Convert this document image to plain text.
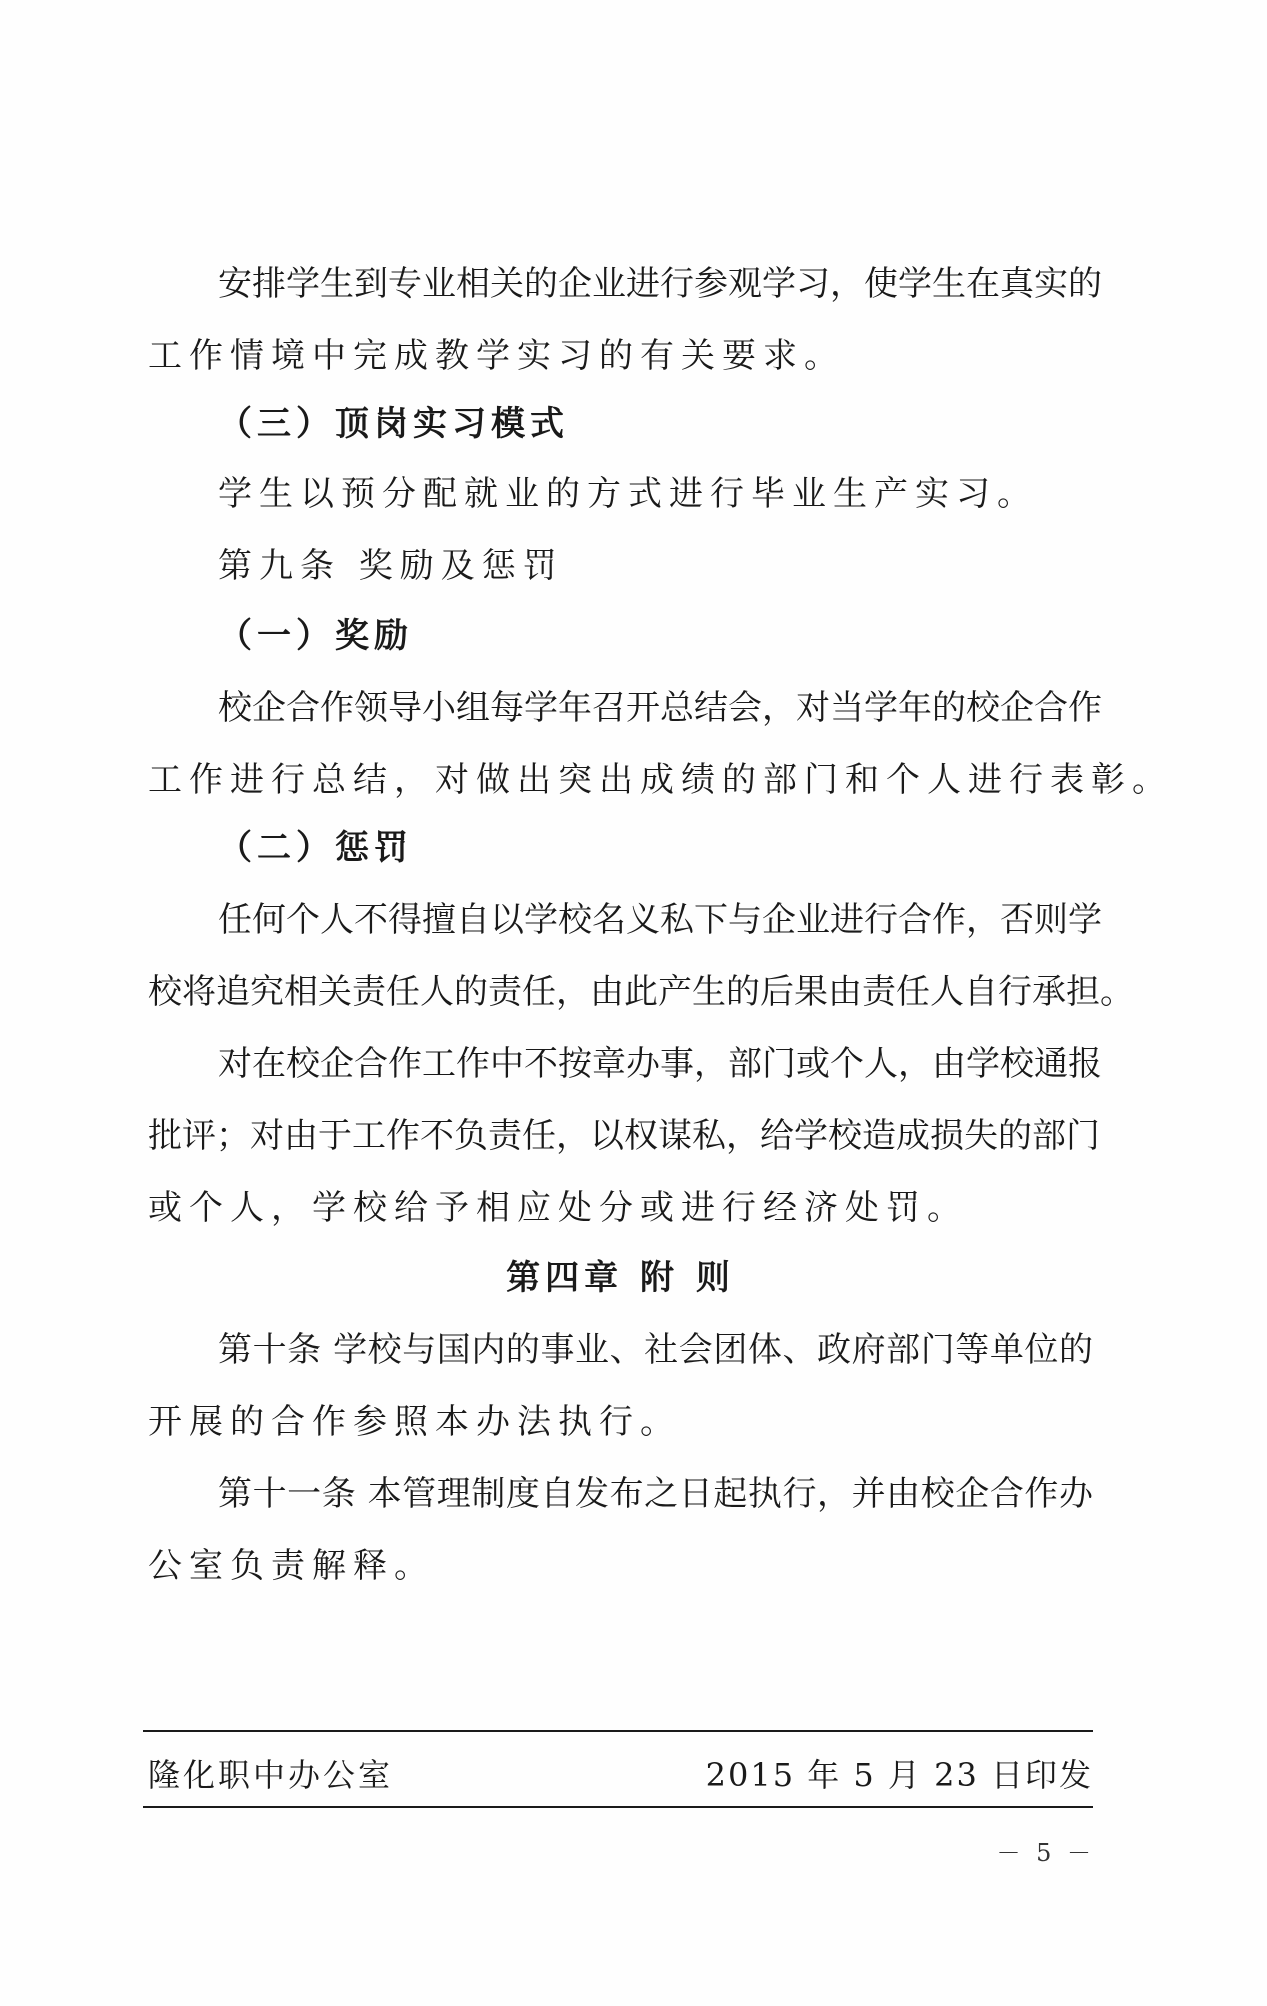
安排学生到专业相关的企业进行参观学习，使学生在真实的
工作情境中完成教学实习的有关要求。
（三）顶岗实习模式
学生以预分配就业的方式进行毕业生产实习。
第九条 奖励及惩罚
（一）奖励
校企合作领导小组每学年召开总结会，对当学年的校企合作
工作进行总结，对做出突出成绩的部门和个人进行表彰。
（二）惩罚
任何个人不得擅自以学校名义私下与企业进行合作，否则学
校将追究相关责任人的责任，由此产生的后果由责任人自行承担。
对在校企合作工作中不按章办事，部门或个人，由学校通报
批评；对由于工作不负责任，以权谋私，给学校造成损失的部门
或个人，学校给予相应处分或进行经济处罚。
第四章 附 则
第十条 学校与国内的事业、社会团体、政府部门等单位的
开展的合作参照本办法执行。
第十一条 本管理制度自发布之日起执行，并由校企合作办
公室负责解释。
隆化职中办公室	2015 年 5 月 23 日印发
－ 5 －
